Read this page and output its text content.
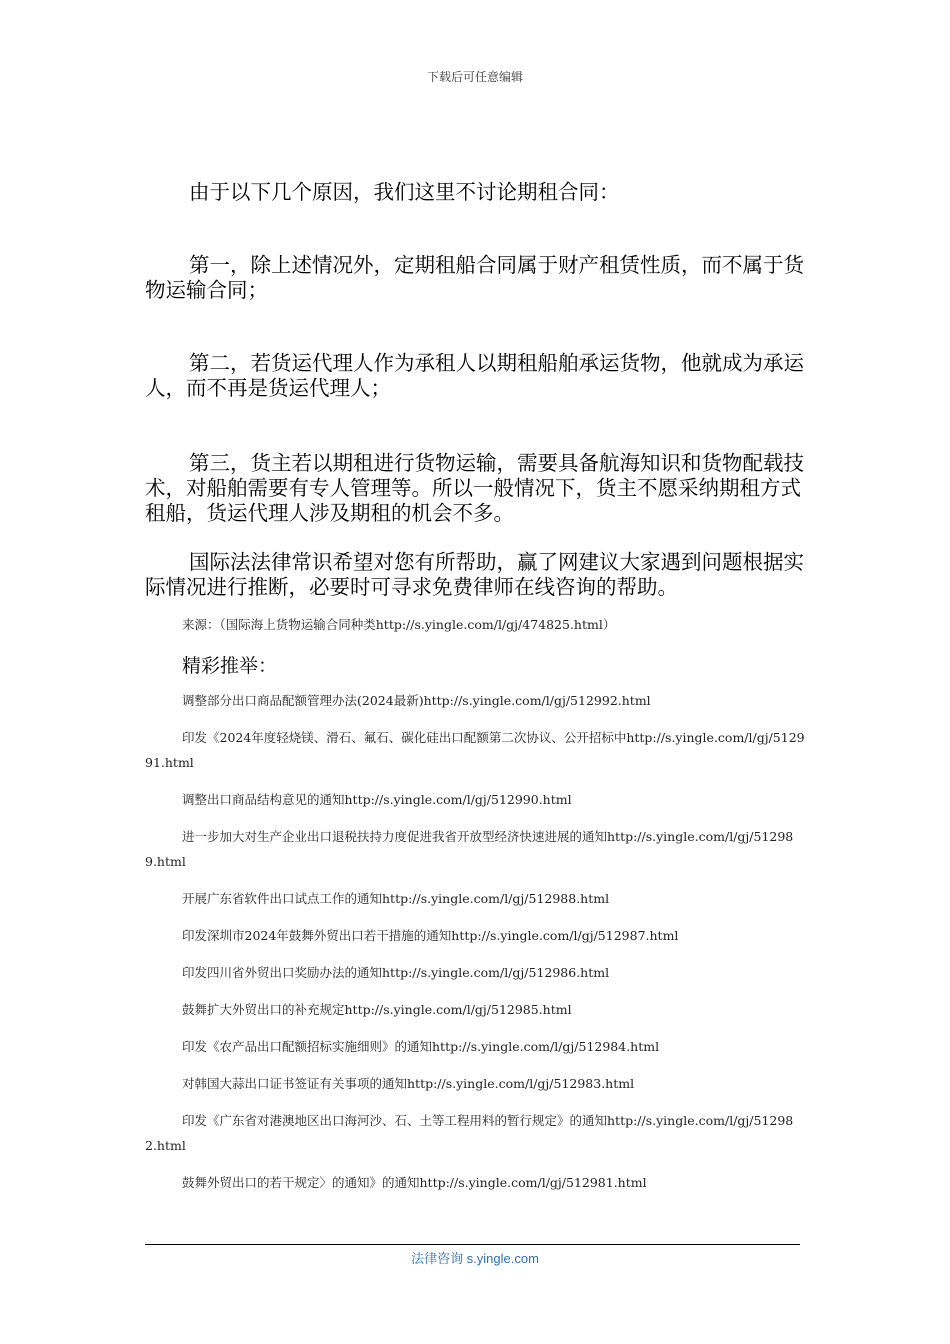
下载后可任意编辑

由于以下几个原因，我们这里不讨论期租合同：

第一，除上述情况外，定期租船合同属于财产租赁性质，而不属于货物运输合同；

第二，若货运代理人作为承租人以期租船舶承运货物，他就成为承运人，而不再是货运代理人；

第三，货主若以期租进行货物运输，需要具备航海知识和货物配载技术，对船舶需要有专人管理等。所以一般情况下，货主不愿采纳期租方式租船，货运代理人涉及期租的机会不多。

国际法法律常识希望对您有所帮助，赢了网建议大家遇到问题根据实际情况进行推断，必要时可寻求免费律师在线咨询的帮助。

来源：（国际海上货物运输合同种类http://s.yingle.com/l/gj/474825.html）
精彩推举：
调整部分出口商品配额管理办法(2024最新)http://s.yingle.com/l/gj/512992.html
印发《2024年度轻烧镁、滑石、氟石、碳化硅出口配额第二次协议、公开招标中http://s.yingle.com/l/gj/512991.html
调整出口商品结构意见的通知http://s.yingle.com/l/gj/512990.html
进一步加大对生产企业出口退税扶持力度促进我省开放型经济快速进展的通知http://s.yingle.com/l/gj/512989.html
开展广东省软件出口试点工作的通知http://s.yingle.com/l/gj/512988.html
印发深圳市2024年鼓舞外贸出口若干措施的通知http://s.yingle.com/l/gj/512987.html
印发四川省外贸出口奖励办法的通知http://s.yingle.com/l/gj/512986.html
鼓舞扩大外贸出口的补充规定http://s.yingle.com/l/gj/512985.html
印发《农产品出口配额招标实施细则》的通知http://s.yingle.com/l/gj/512984.html
对韩国大蒜出口证书签证有关事项的通知http://s.yingle.com/l/gj/512983.html
印发《广东省对港澳地区出口海河沙、石、土等工程用料的暂行规定》的通知http://s.yingle.com/l/gj/512982.html
鼓舞外贸出口的若干规定〉的通知》的通知http://s.yingle.com/l/gj/512981.html
法律咨询 s.yingle.com
